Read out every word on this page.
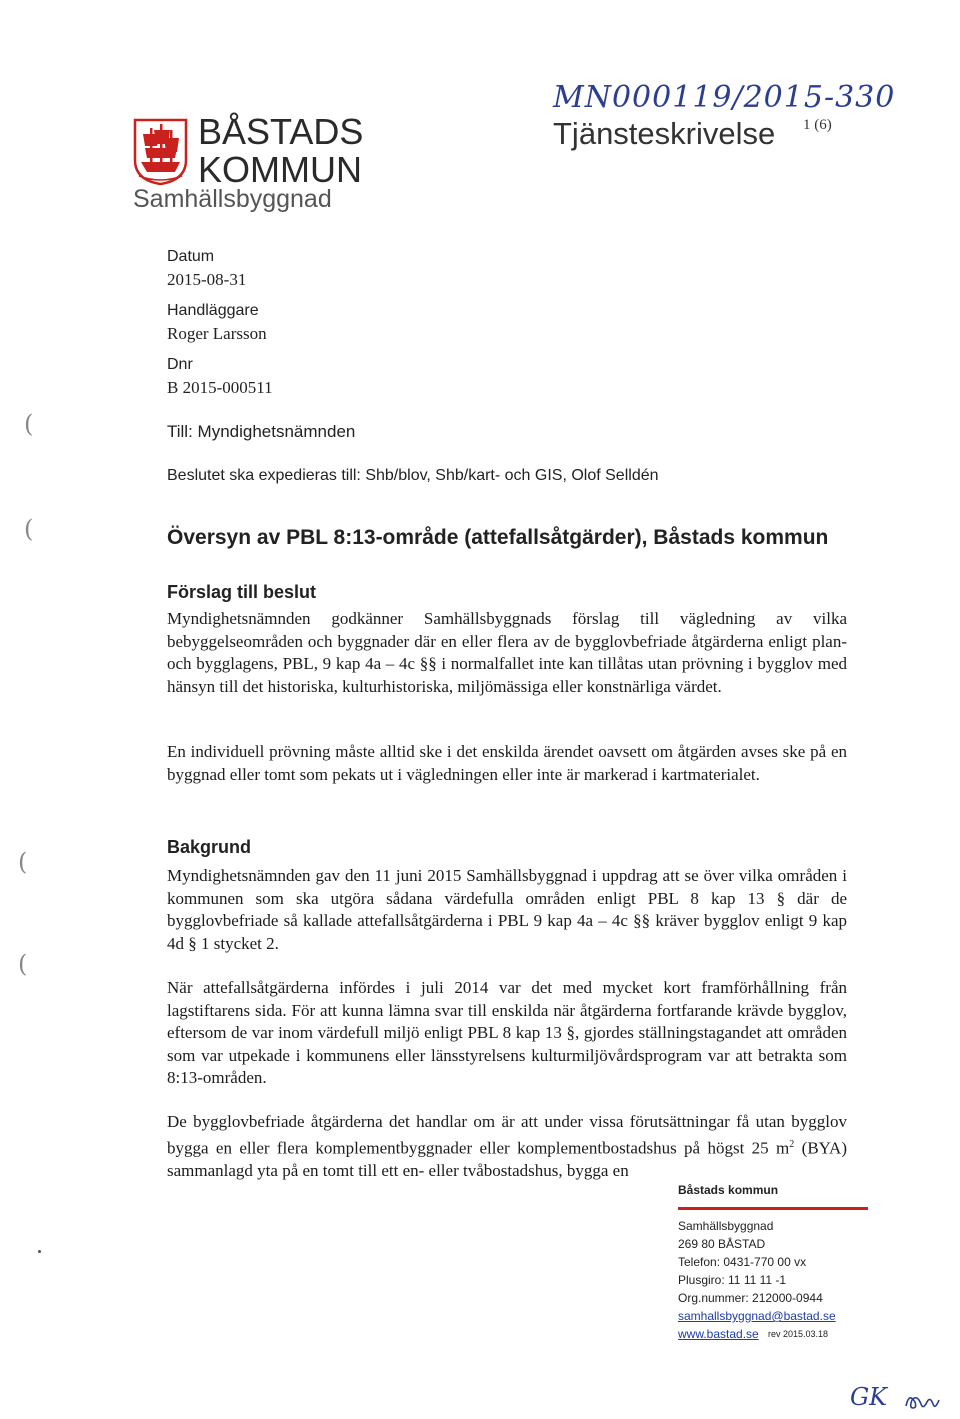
BÅSTADS
KOMMUN
Samhällsbyggnad
MN000119/2015-330
Tjänsteskrivelse 1 (6)
Datum
2015-08-31
Handläggare
Roger Larsson
Dnr
B 2015-000511
Till: Myndighetsnämnden
Beslutet ska expedieras till: Shb/blov, Shb/kart- och GIS, Olof Selldén
(
(
(
(
Översyn av PBL 8:13-område (attefallsåtgärder), Båstads kommun
Förslag till beslut

Myndighetsnämnden godkänner Samhällsbyggnads förslag till vägledning av vilka bebyggelseområden och byggnader där en eller flera av de bygglovbefriade åtgärderna enligt plan- och bygglagens, PBL, 9 kap 4a – 4c §§ i normalfallet inte kan tillåtas utan prövning i bygglov med hänsyn till det historiska, kulturhistoriska, miljömässiga eller konstnärliga värdet.

En individuell prövning måste alltid ske i det enskilda ärendet oavsett om åtgärden avses ske på en byggnad eller tomt som pekats ut i vägledningen eller inte är markerad i kartmaterialet.

Bakgrund

Myndighetsnämnden gav den 11 juni 2015 Samhällsbyggnad i uppdrag att se över vilka områden i kommunen som ska utgöra sådana värdefulla områden enligt PBL 8 kap 13 § där de bygglovbefriade så kallade attefallsåtgärderna i PBL 9 kap 4a – 4c §§ kräver bygglov enligt 9 kap 4d § 1 stycket 2.

När attefallsåtgärderna infördes i juli 2014 var det med mycket kort framförhållning från lagstiftarens sida. För att kunna lämna svar till enskilda när åtgärderna fortfarande krävde bygglov, eftersom de var inom värdefull miljö enligt PBL 8 kap 13 §, gjordes ställningstagandet att områden som var utpekade i kommunens eller länsstyrelsens kulturmiljövårdsprogram var att betrakta som 8:13-områden.

De bygglovbefriade åtgärderna det handlar om är att under vissa förutsättningar få utan bygglov bygga en eller flera komplementbyggnader eller komplementbostadshus på högst 25 $m^2$ (BYA) sammanlagd yta på en tomt till ett en- eller tvåbostadshus, bygga en

Båstads kommun
Samhällsbyggnad
269 80 BÅSTAD
Telefon: 0431-770 00 vx
Plusgiro: 11 11 11 -1
Org.nummer: 212000-0944
samhallsbyggnad@bastad.se
www.bastad.se rev 2015.03.18
GK
